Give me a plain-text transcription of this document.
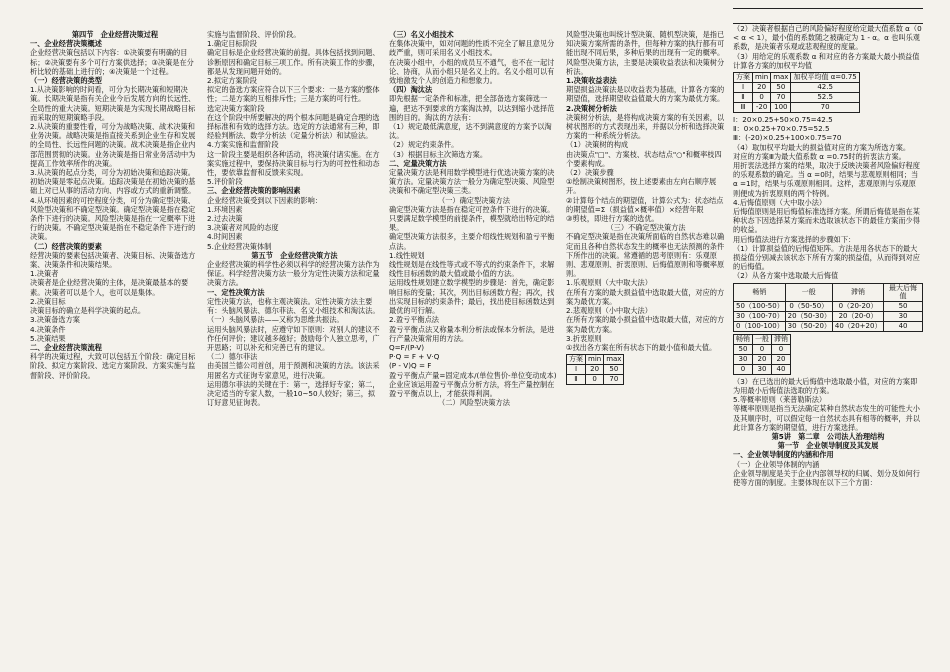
第四节　企业经营决策过程

一、企业经营决策概述

企业经营决策包括以下内容：①决策要有明确的目标；②决策要有多个可行方案供选择；③决策是在分析比较的基础上进行的；④决策是一个过程。

（一）经营决策的类型

1.从决策影响的时间看，可分为长期决策和短期决策。长期决策是指有关企业今后发展方向的长远性、全局性的重大决策。短期决策是为实现长期战略目标而采取的短期策略手段。

2.从决策的重要性看，可分为战略决策、战术决策和业务决策。战略决策是指直接关系到企业生存和发展的全局性、长远性问题的决策。战术决策是指企业内部范围贯彻的决策。业务决策是指日常业务活动中为提高工作效率所作的决策。

3.从决策的起点分类，可分为初始决策和追踪决策。初始决策是零起点决策。追踪决策是在初始决策的基础上对已从事的活动方向、内容或方式的重新调整。

4.从环境因素的可控程度分类，可分为确定型决策、风险型决策和不确定型决策。确定型决策是指在稳定条件下进行的决策。风险型决策是指在一定概率下进行的决策。不确定型决策是指在不稳定条件下进行的决策。

（二）经营决策的要素

经营决策的要素包括决策者、决策目标、决策备选方案、决策条件和决策结果。

1.决策者

决策者是企业经营决策的主体，是决策最基本的要素。决策者可以是个人，也可以是集体。

2.决策目标

决策目标的确立是科学决策的起点。

3.决策备选方案

4.决策条件

5.决策结果

二、企业经营决策流程

科学的决策过程，大致可以包括五个阶段：确定目标阶段、拟定方案阶段、选定方案阶段、方案实施与监督阶段、评价阶段。

实施与监督阶段、评价阶段。

1.确定目标阶段

确定目标是企业经营决策的前提。具体包括找到问题、诊断原因和确定目标三项工作。所有决策工作的步骤，都是从发现问题开始的。

2.拟定方案阶段

拟定的备选方案应符合以下三个要求：一是方案的整体性；二是方案的互相排斥性；三是方案的可行性。

选定决策方案阶段

在这个阶段中所要解决的两个根本问题是确定合理的选择标准和有效的选择方法。选定的方法通常有三种，即经验判断法、数学分析法（定量分析法）和试验法。

4.方案实施和监督阶段

这一阶段主要是组织各种活动，将决策付诸实施。在方案实施过程中，要保持决策目标与行为的可控性和动态性，要依靠监督和反馈来实现。

5.评价阶段

三、企业经营决策的影响因素

企业经营决策受到以下因素的影响：

1.环境因素

2.过去决策

3.决策者对风险的态度

4.时间因素

5.企业经营决策体制

第五节　企业经营决策方法

企业经营决策的科学性必须以科学的经营决策方法作为保证。科学经营决策方法一般分为定性决策方法和定量决策方法。

一、定性决策方法

定性决策方法，也称主观决策法。定性决策方法主要有：头脑风暴法、德尔菲法、名义小组技术和淘汰法。

（一）头脑风暴法——又称为思维共振法。

运用头脑风暴法时，应遵守如下原则：对别人的建议不作任何评价；建议越多越好；鼓励每个人独立思考，广开思路；可以补充和完善已有的建议。

（二）德尔菲法

由美国兰德公司首创，用于预测和决策的方法。该法采用匿名方式征询专家意见，进行决策。

运用德尔菲法的关键在于：第一，选择好专家；第二，决定适当的专家人数，一般10~50人较好；第三，拟订好意见征询表。

（三）名义小组技术

在集体决策中，如对问题的性质不完全了解且意见分歧严重，则可采用名义小组技术。

在决策小组中，小组的成员互不通气，也不在一起讨论、协商，从而小组只是名义上的。名义小组可以有效地激发个人的创造力和想象力。

（四）淘汰法

即先根据一定条件和标准，把全部备选方案筛选一遍，把达不到要求的方案淘汰掉，以达到缩小选择范围的目的。淘汰的方法有：

（1）规定最低满意度，达不到满意度的方案予以淘汰。

（2）规定约束条件。

（3）根据目标主次筛选方案。

二、定量决策方法

定量决策方法是利用数学模型进行优选决策方案的决策方法。定量决策方法一般分为确定型决策、风险型决策和不确定型决策三类。

（一）确定型决策方法

确定型决策方法是指在稳定可控条件下进行的决策。只要满足数学模型的前提条件，模型就给出特定的结果。

确定型决策方法很多，主要介绍线性规划和盈亏平衡点法。

1.线性规划

线性规划是在线性等式或不等式的约束条件下，求解线性目标函数的最大值或最小值的方法。

运用线性规划建立数学模型的步骤是：首先，确定影响目标的变量；其次，列出目标函数方程；再次，找出实现目标的约束条件；最后，找出使目标函数达到最优的可行解。

2.盈亏平衡点法

盈亏平衡点法又称量本利分析法或保本分析法，是进行产量决策常用的方法。

Q=F/(P-V)

P·Q = F + V·Q

(P - V)Q = F

盈亏平衡点产量=固定成本/(单位售价-单位变动成本)

企业应该运用盈亏平衡点分析方法，将生产量控制在盈亏平衡点以上，才能获得利润。

（二）风险型决策方法

风险型决策也叫统计型决策、随机型决策，是指已知决策方案所需的条件，但每种方案的执行都有可能出现不同后果，多种后果的出现有一定的概率。

风险型决策方法，主要是决策收益表法和决策树分析法。

1.决策收益表法

期望损益决策法是以收益表为基础，计算各方案的期望值，选择期望收益值最大的方案为最优方案。

2.决策树分析法

决策树分析法，是将构成决策方案的有关因素，以树状图形的方式表现出来，并据以分析和选择决策方案的一种系统分析法。

（1）决策树的构成

由决策点"□"、方案枝、状态结点"○"和概率枝四个要素构成。

（2）决策步骤

①绘制决策树图形，按上述要素由左向右顺序展开。

②计算每个结点的期望值，计算公式为：状态结点的期望值=Σ（损益值×概率值）×经营年限

③剪枝，即进行方案的选优。

（三）不确定型决策方法

不确定型决策是指在决策所面临的自然状态难以确定而且各种自然状态发生的概率也无法预测的条件下所作出的决策。常遵循的思考原则有：乐观原则、悲观原则、折衷原则、后悔值原则和等概率原则。

1.乐观原则（大中取大法）

在所有方案的最大损益值中选取最大值，对应的方案为最优方案。

2.悲观原则（小中取大法）

在所有方案的最小损益值中选取最大值，对应的方案为最优方案。

3.折衷原则

①找出各方案在所有状态下的最小值和最大值。

方案	min	max
Ⅰ	20	50
Ⅱ	0	70

（2）决策者根据自己的风险偏好程度给定最大值系数 α（0 < α < 1），最小值的系数随之被确定为 1 - α。α 也叫乐观系数，是决策者乐观或悲观程度的度量。

（3）用给定的乐观系数 α 和对应的各方案最大最小损益值计算各方案的加权平均值

方案	min	max	加权平均值 α=0.75
Ⅰ	20	50	42.5
Ⅱ	0	70	52.5
Ⅲ	-20	100	70

Ⅰ：20×0.25+50×0.75=42.5

Ⅱ：0×0.25+70×0.75=52.5

Ⅲ：(-20)×0.25+100×0.75=70

（4）取加权平均最大的损益值对应的方案为所选方案。

对应的方案Ⅲ为最大值系数 α =0.75时的折衷法方案。

用折衷法选择方案的结果，取决于反映决策者风险偏好程度的乐观系数的确定。当 α =0时，结果与悲观原则相同；当 α =1时，结果与乐观原则相同。这样，悲观原则与乐观原则便成为折衷原则的两个特例。

4.后悔值原则（大中取小法）

后悔值原则是用后悔值标准选择方案。所谓后悔值是指在某种状态下因选择某方案而未选取该状态下的最佳方案而少得的收益。

用后悔值法进行方案选择的步骤如下：

（1）计算损益值的后悔值矩阵。方法是用各状态下的最大损益值分别减去该状态下所有方案的损益值，从而得到对应的后悔值。

（2）从各方案中选取最大后悔值

畅销	一般	滞销	最大后悔值
50（100-50）	0（50-50）	0（20-20）	50
30（100-70）	20（50-30）	20（20-0）	30
0（100-100）	30（50-20）	40（20+20）	40
畅销	一般	滞销
50	0	0
30	20	20
0	30	40

（3）在已选出的最大后悔值中选取最小值，对应的方案即为用最小后悔值法选取的方案。

5.等概率原则（莱普勒斯法）

等概率原则是指当无法确定某种自然状态发生的可能性大小及其顺序时，可以假定每一自然状态具有相等的概率，并以此计算各方案的期望值，进行方案选择。

第5讲　第二章　公司法人治理结构

第一节　企业领导制度及其发展

一、企业领导制度的内涵和作用

（一）企业领导体制的内涵

企业领导制度是关于企业内部领导权的归属、划分及如何行使等方面的制度。主要体现在以下三个方面：
